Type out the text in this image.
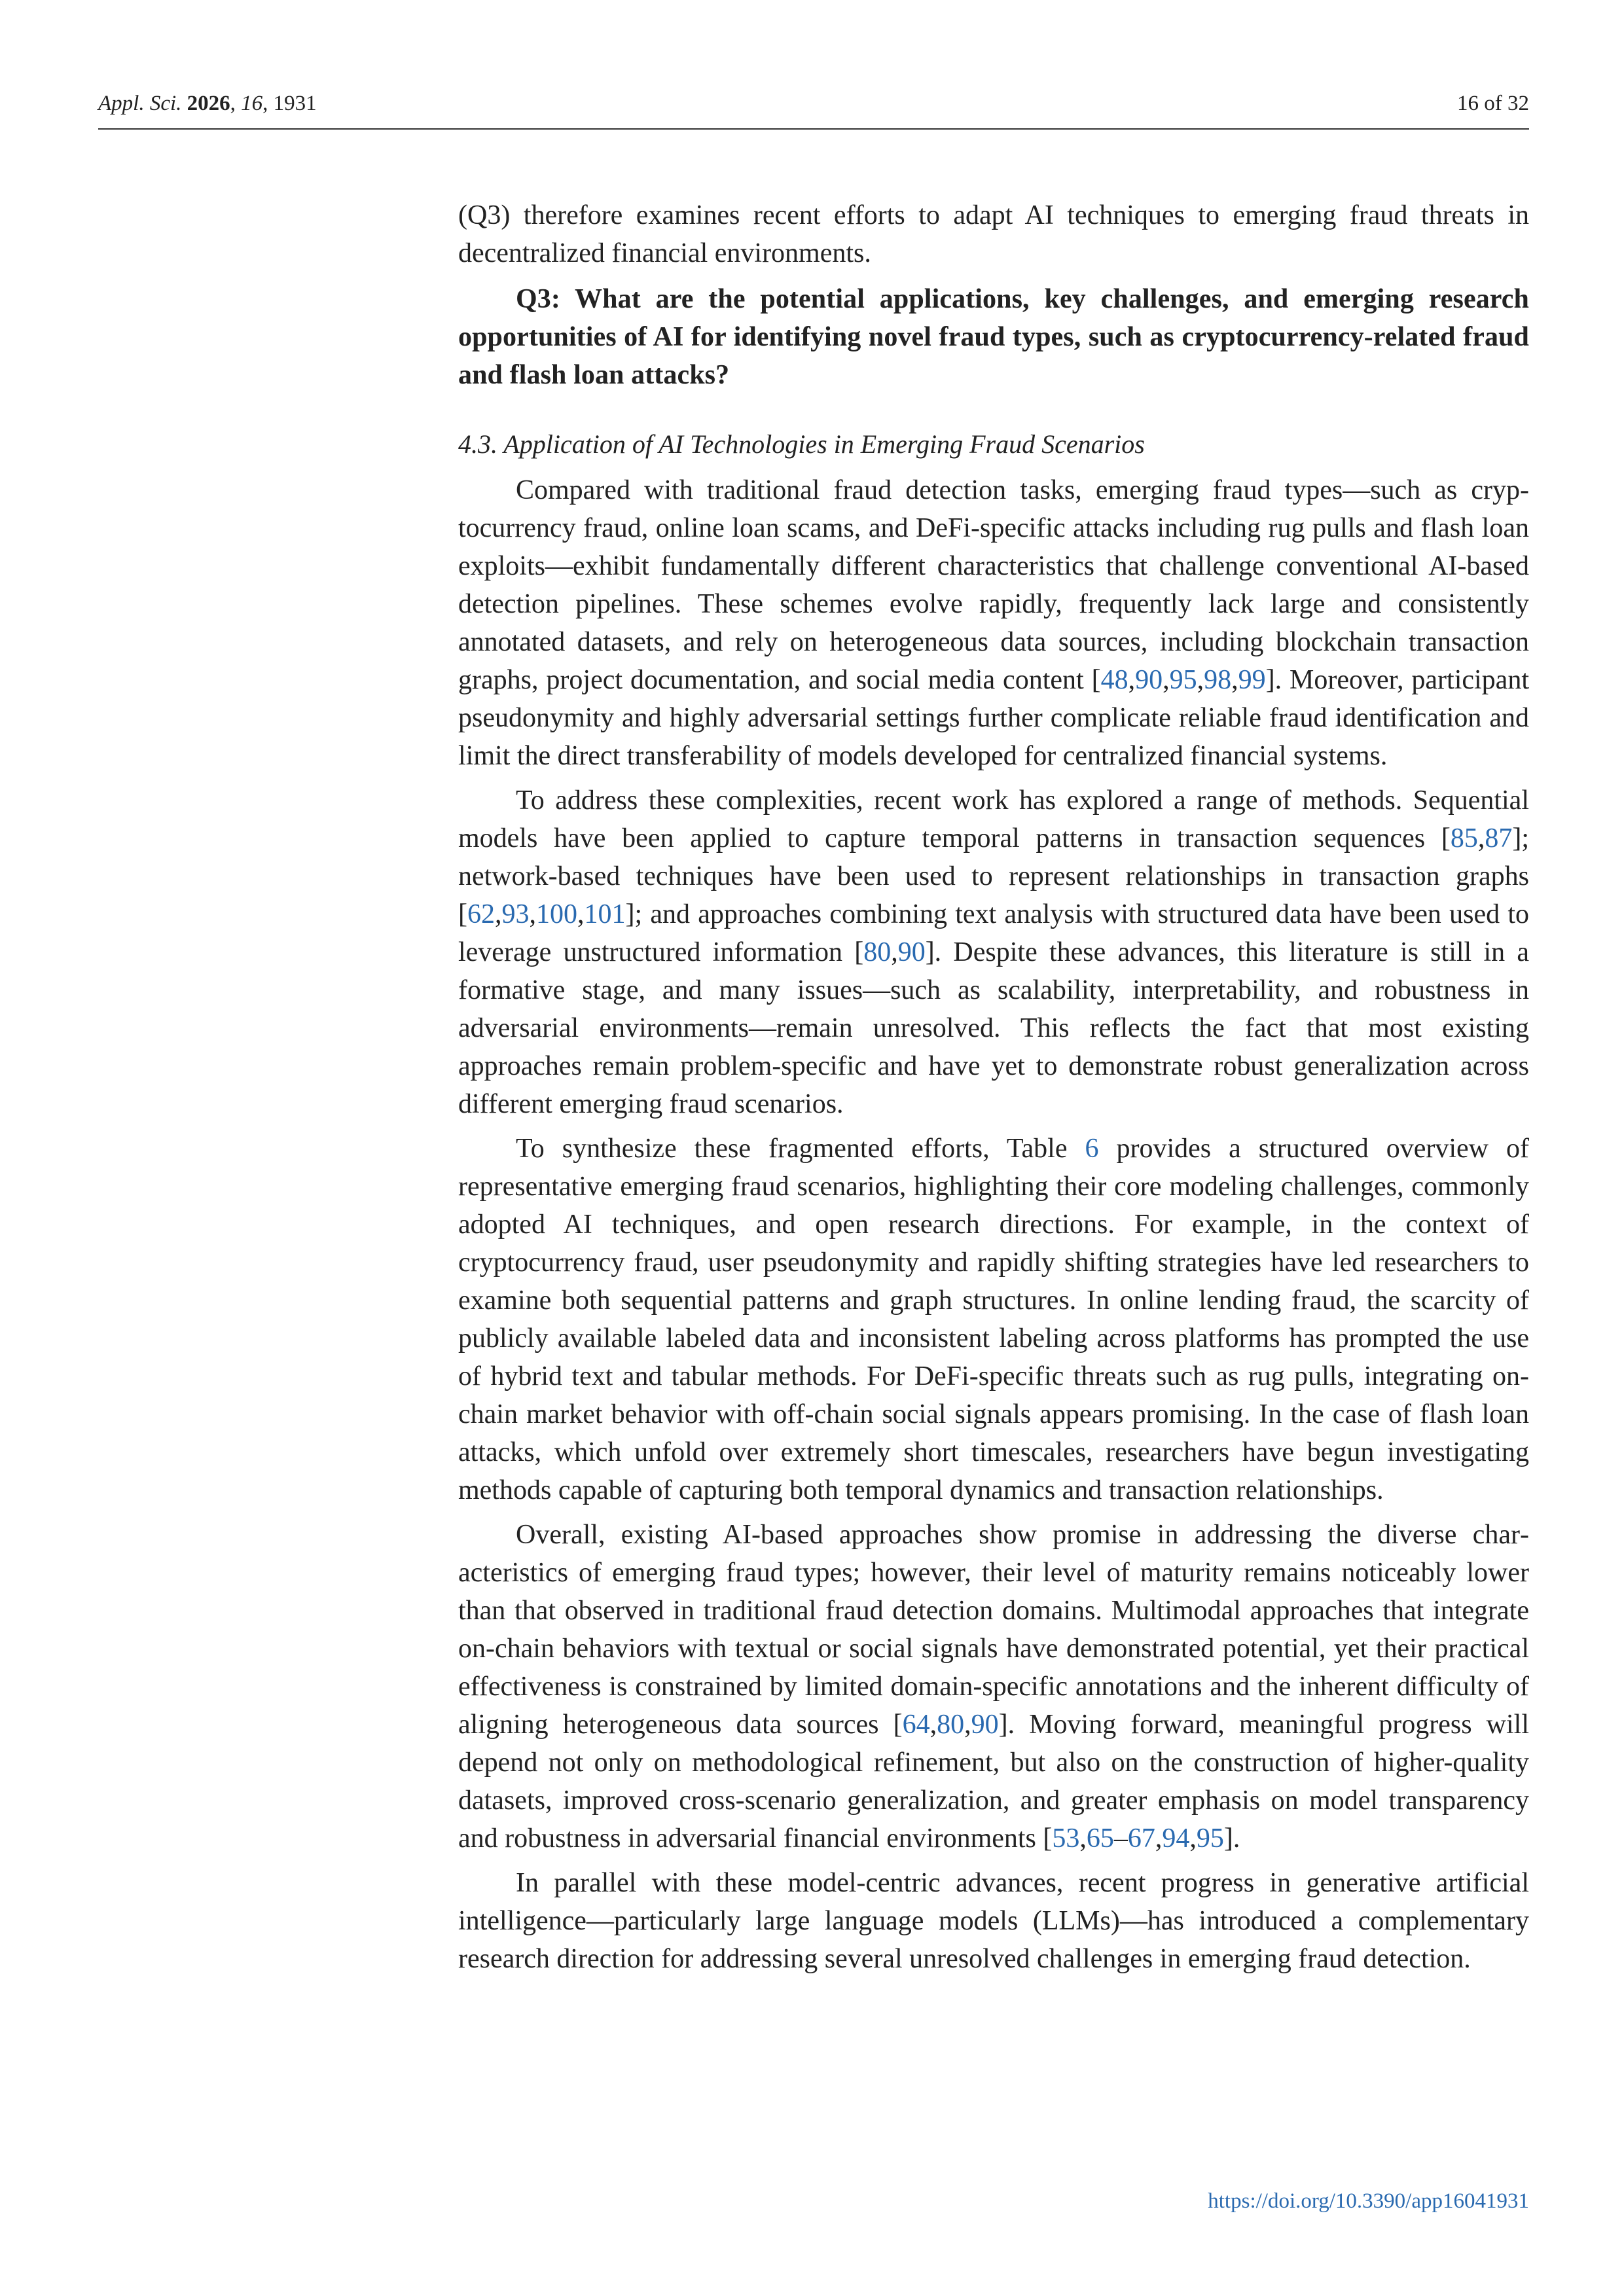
Appl. Sci. 2026, 16, 1931	16 of 32

(Q3) therefore examines recent efforts to adapt AI techniques to emerging fraud threats in decentralized financial environments.

Q3: What are the potential applications, key challenges, and emerging research opportunities of AI for identifying novel fraud types, such as cryptocurrency-related fraud and flash loan attacks?

4.3. Application of AI Technologies in Emerging Fraud Scenarios

Compared with traditional fraud detection tasks, emerging fraud types—such as cryptocurrency fraud, online loan scams, and DeFi-specific attacks including rug pulls and flash loan exploits—exhibit fundamentally different characteristics that challenge conventional AI-based detection pipelines. These schemes evolve rapidly, frequently lack large and consistently annotated datasets, and rely on heterogeneous data sources, including blockchain transaction graphs, project documentation, and social media content [48,90,95,98,99]. Moreover, participant pseudonymity and highly adversarial settings further complicate reliable fraud identification and limit the direct transferability of models developed for centralized financial systems.

To address these complexities, recent work has explored a range of methods. Sequential models have been applied to capture temporal patterns in transaction sequences [85,87]; network-based techniques have been used to represent relationships in transaction graphs [62,93,100,101]; and approaches combining text analysis with structured data have been used to leverage unstructured information [80,90]. Despite these advances, this literature is still in a formative stage, and many issues—such as scalability, interpretability, and robustness in adversarial environments—remain unresolved. This reflects the fact that most existing approaches remain problem-specific and have yet to demonstrate robust generalization across different emerging fraud scenarios.

To synthesize these fragmented efforts, Table 6 provides a structured overview of representative emerging fraud scenarios, highlighting their core modeling challenges, commonly adopted AI techniques, and open research directions. For example, in the context of cryptocurrency fraud, user pseudonymity and rapidly shifting strategies have led researchers to examine both sequential patterns and graph structures. In online lending fraud, the scarcity of publicly available labeled data and inconsistent labeling across platforms has prompted the use of hybrid text and tabular methods. For DeFi-specific threats such as rug pulls, integrating on-chain market behavior with off-chain social signals appears promising. In the case of flash loan attacks, which unfold over extremely short timescales, researchers have begun investigating methods capable of capturing both temporal dynamics and transaction relationships.

Overall, existing AI-based approaches show promise in addressing the diverse characteristics of emerging fraud types; however, their level of maturity remains noticeably lower than that observed in traditional fraud detection domains. Multimodal approaches that integrate on-chain behaviors with textual or social signals have demonstrated potential, yet their practical effectiveness is constrained by limited domain-specific annotations and the inherent difficulty of aligning heterogeneous data sources [64,80,90]. Moving forward, meaningful progress will depend not only on methodological refinement, but also on the construction of higher-quality datasets, improved cross-scenario generalization, and greater emphasis on model transparency and robustness in adversarial financial environments [53,65–67,94,95].

In parallel with these model-centric advances, recent progress in generative artificial intelligence—particularly large language models (LLMs)—has introduced a complementary research direction for addressing several unresolved challenges in emerging fraud detection.

https://doi.org/10.3390/app16041931
